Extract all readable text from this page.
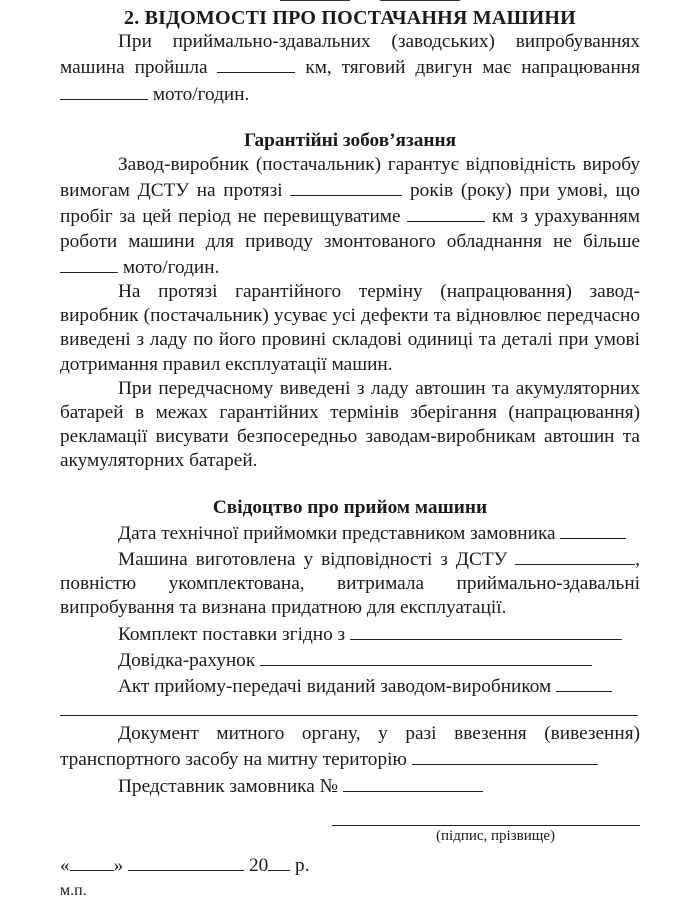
2. ВІДОМОСТІ ПРО ПОСТАЧАННЯ МАШИНИ

При приймально-здавальних (заводських) випробуваннях машина пройшла	км, тяговий двигун має напрацювання  мото/годин.

Гарантійні зобов’язання

Завод-виробник (постачальник) гарантує відповідність виробу вимогам ДСТУ на протязі	років (року) при умові, що пробіг за цей період не перевищуватиме	км з урахуванням роботи машини для приводу змонтованого обладнання не більше  мото/годин.

На протязі гарантійного терміну (напрацювання) завод-виробник (постачальник) усуває усі дефекти та відновлює передчасно виведені з ладу по його провині складові одиниці та деталі при умові дотримання правил експлуатації машин.

При передчасному виведені з ладу автошин та акумуляторних батарей в межах гарантійних термінів зберігання (напрацювання) рекламації висувати безпосередньо заводам-виробникам автошин та акумуляторних батарей.

Свідоцтво про прийом машини

Дата технічної приймомки представником замовника

Машина виготовлена у відповідності з ДСТУ	, повністю укомплектована, витримала приймально-здавальні випробування та визнана придатною для експлуатації.

Комплект поставки згідно з

Довідка-рахунок

Акт прийому-передачі виданий заводом-виробником

Документ митного органу, у разі ввезення (вивезення) транспортного засобу на митну територію

Представник замовника №

(підпис, прізвище)
« »	20 р.
м.п.
